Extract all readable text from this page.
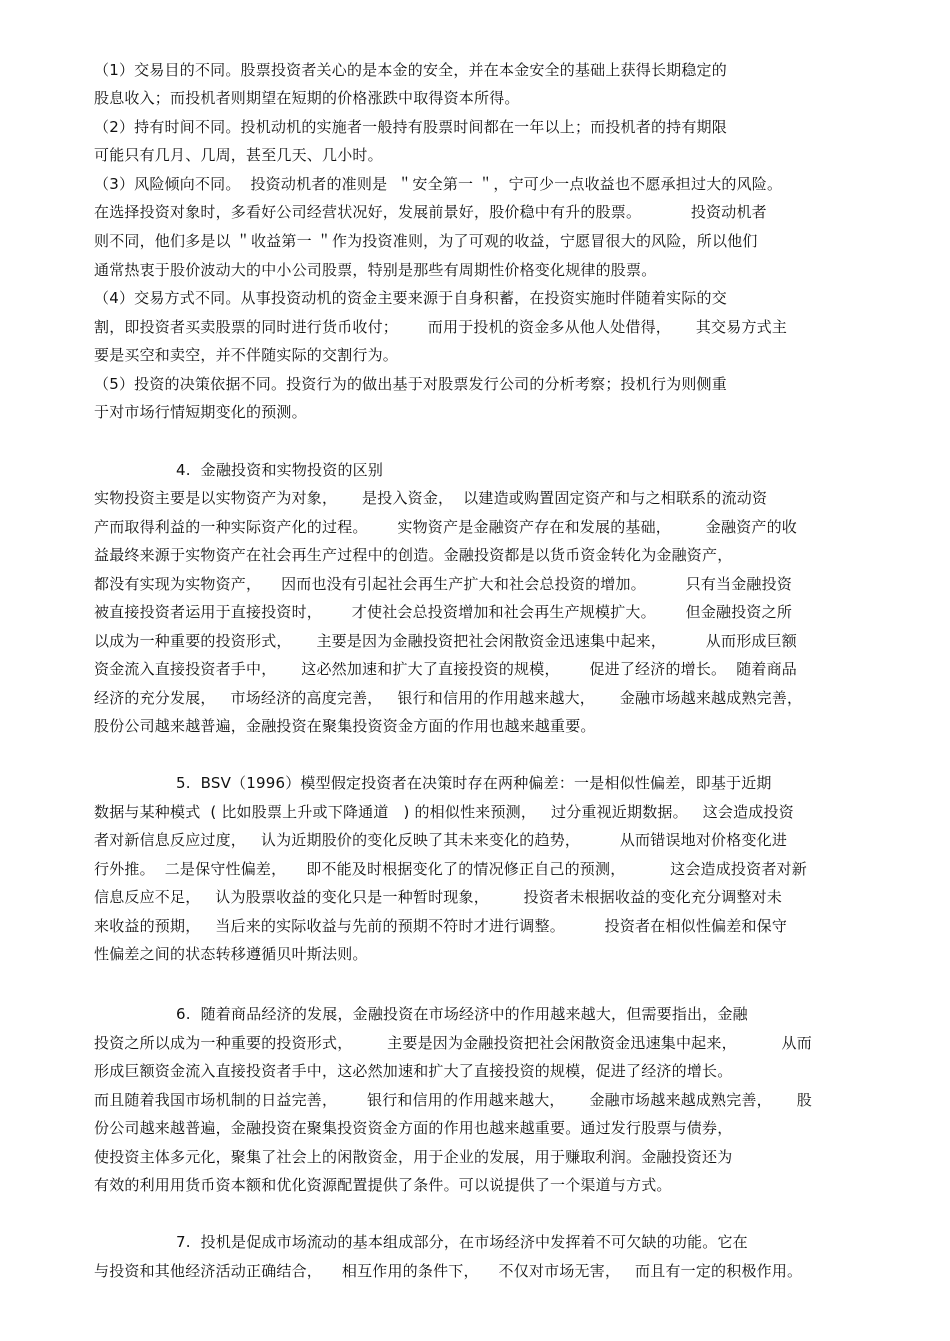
（1）交易目的不同。股票投资者关心的是本金的安全，并在本金安全的基础上获得长期稳定的
股息收入；而投机者则期望在短期的价格涨跌中取得资本所得。
（2）持有时间不同。投机动机的实施者一般持有股票时间都在一年以上；而投机者的持有期限
可能只有几月、几周，甚至几天、几小时。
（3）风险倾向不同。  投资动机者的准则是  ＂安全第一 ＂，宁可少一点收益也不愿承担过大的风险。
在选择投资对象时，多看好公司经营状况好，发展前景好，股价稳中有升的股票。          投资动机者
则不同，他们多是以 ＂收益第一 ＂作为投资准则，为了可观的收益，宁愿冒很大的风险，所以他们
通常热衷于股价波动大的中小公司股票，特别是那些有周期性价格变化规律的股票。
（4）交易方式不同。从事投资动机的资金主要来源于自身积蓄，在投资实施时伴随着实际的交
割，即投资者买卖股票的同时进行货币收付；      而用于投机的资金多从他人处借得，     其交易方式主
要是买空和卖空，并不伴随实际的交割行为。
（5）投资的决策依据不同。投资行为的做出基于对股票发行公司的分析考察；投机行为则侧重
于对市场行情短期变化的预测。
4.  金融投资和实物投资的区别
实物投资主要是以实物资产为对象，     是投入资金，  以建造或购置固定资产和与之相联系的流动资
产而取得利益的一种实际资产化的过程。      实物资产是金融资产存在和发展的基础，       金融资产的收
益最终来源于实物资产在社会再生产过程中的创造。金融投资都是以货币资金转化为金融资产，
都没有实现为实物资产，    因而也没有引起社会再生产扩大和社会总投资的增加。        只有当金融投资
被直接投资者运用于直接投资时，      才使社会总投资增加和社会再生产规模扩大。      但金融投资之所
以成为一种重要的投资形式，     主要是因为金融投资把社会闲散资金迅速集中起来，        从而形成巨额
资金流入直接投资者手中，     这必然加速和扩大了直接投资的规模，      促进了经济的增长。  随着商品
经济的充分发展，   市场经济的高度完善，   银行和信用的作用越来越大，     金融市场越来越成熟完善，
股份公司越来越普遍，金融投资在聚集投资资金方面的作用也越来越重要。
5.  BSV（1996）模型假定投资者在决策时存在两种偏差：一是相似性偏差，即基于近期
数据与某种模式  ( 比如股票上升或下降通道   ) 的相似性来预测，   过分重视近期数据。   这会造成投资
者对新信息反应过度，   认为近期股价的变化反映了其未来变化的趋势，        从而错误地对价格变化进
行外推。  二是保守性偏差，    即不能及时根据变化了的情况修正自己的预测，         这会造成投资者对新
信息反应不足，   认为股票收益的变化只是一种暂时现象，       投资者未根据收益的变化充分调整对未
来收益的预期，   当后来的实际收益与先前的预期不符时才进行调整。        投资者在相似性偏差和保守
性偏差之间的状态转移遵循贝叶斯法则。
6.  随着商品经济的发展，金融投资在市场经济中的作用越来越大，但需要指出，金融
投资之所以成为一种重要的投资形式，       主要是因为金融投资把社会闲散资金迅速集中起来，         从而
形成巨额资金流入直接投资者手中，这必然加速和扩大了直接投资的规模，促进了经济的增长。
而且随着我国市场机制的日益完善，      银行和信用的作用越来越大，     金融市场越来越成熟完善，     股
份公司越来越普遍，金融投资在聚集投资资金方面的作用也越来越重要。通过发行股票与债券，
使投资主体多元化，聚集了社会上的闲散资金，用于企业的发展，用于赚取利润。金融投资还为
有效的利用用货币资本额和优化资源配置提供了条件。可以说提供了一个渠道与方式。
7.  投机是促成市场流动的基本组成部分，在市场经济中发挥着不可欠缺的功能。它在
与投资和其他经济活动正确结合，    相互作用的条件下，    不仅对市场无害，   而且有一定的积极作用。
